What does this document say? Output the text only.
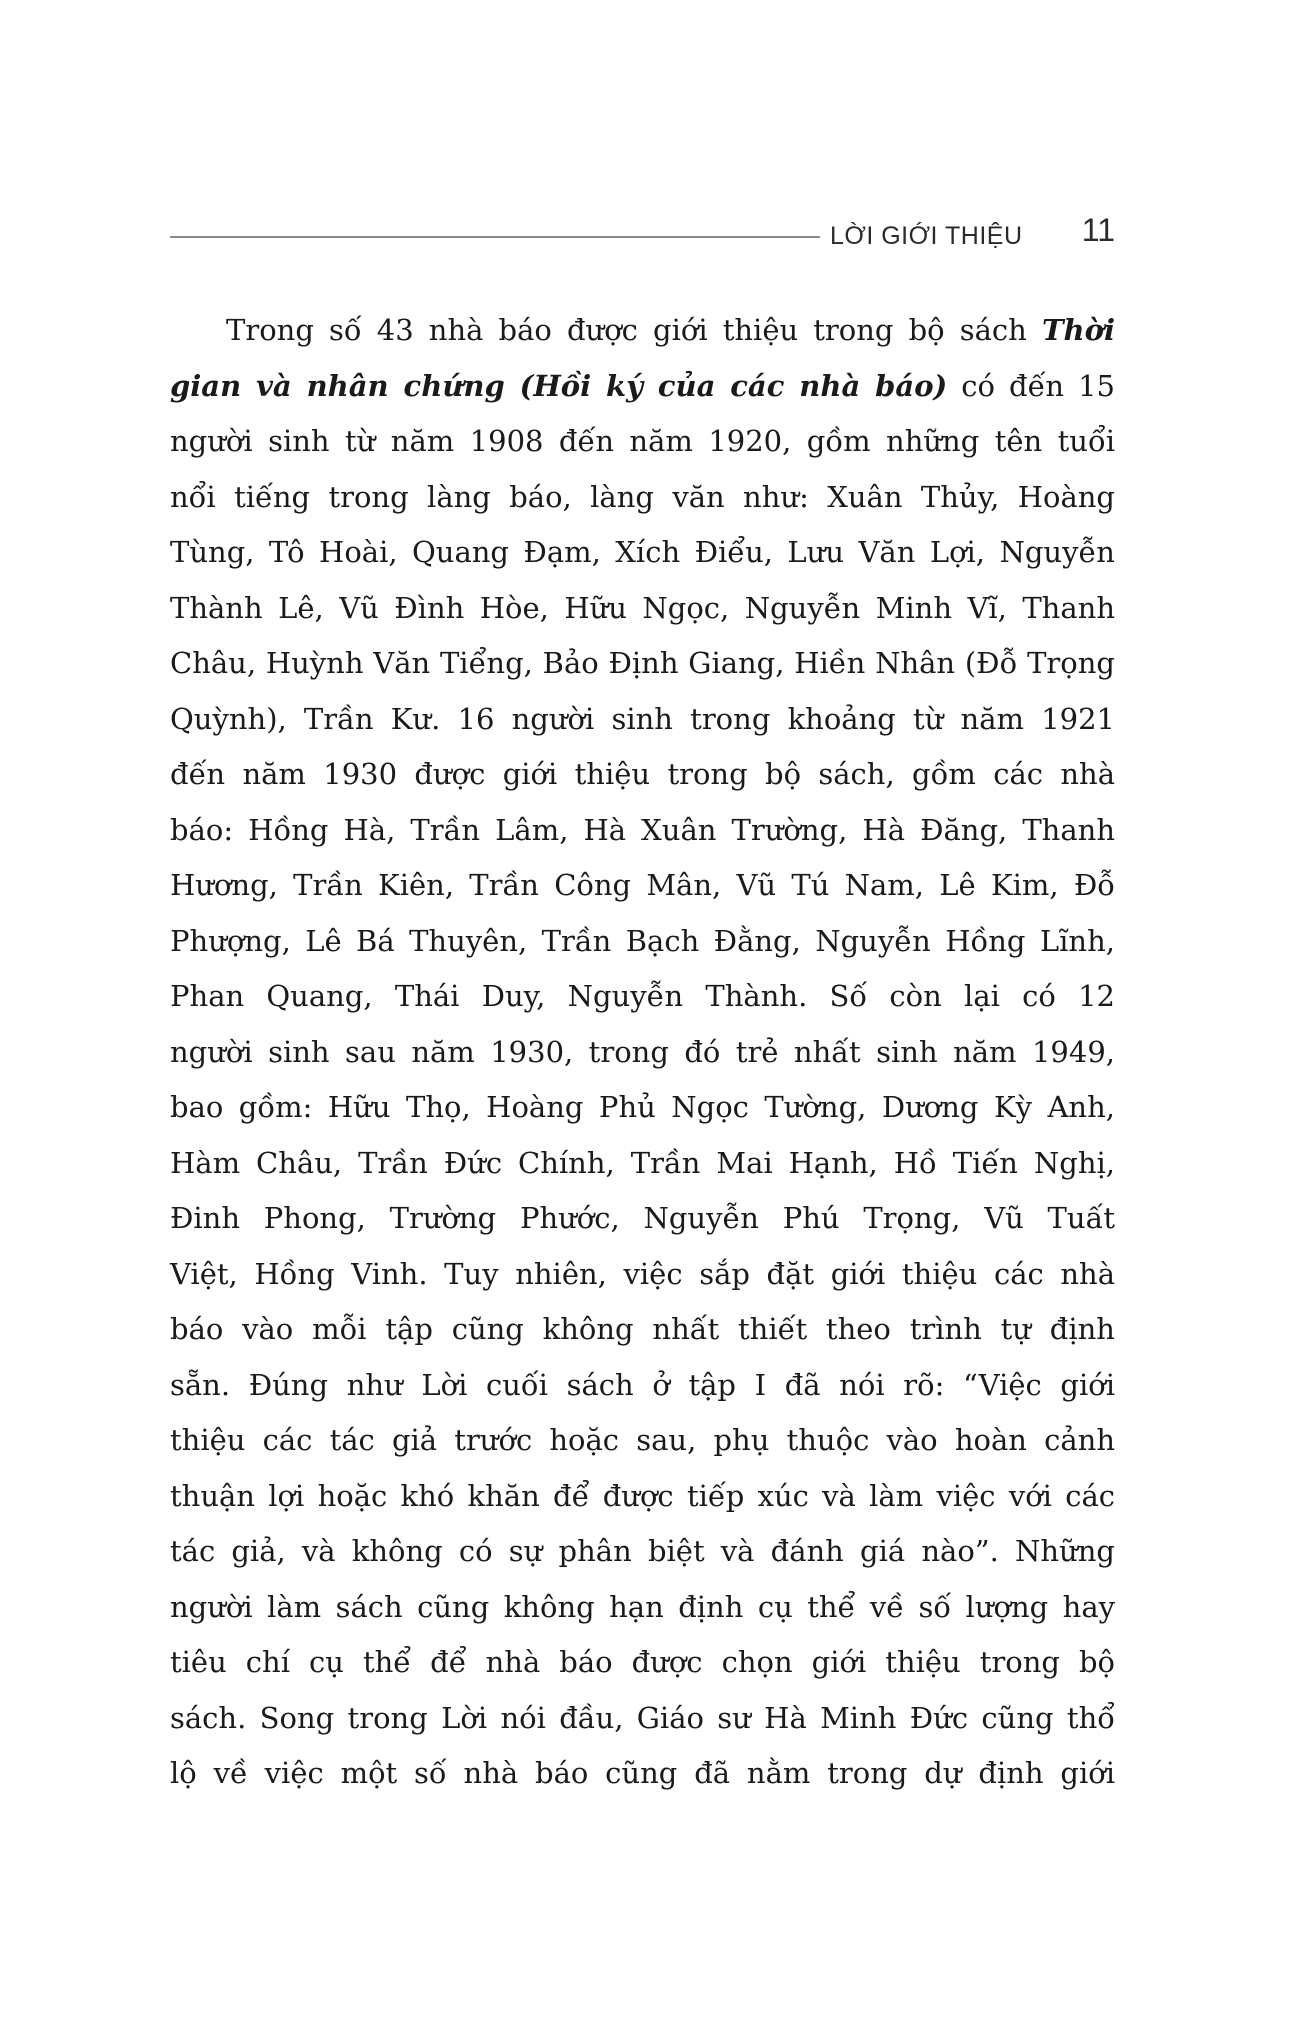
LỜI GIỚI THIỆU	11
Trong số 43 nhà báo được giới thiệu trong bộ sách Thời
gian và nhân chứng (Hồi ký của các nhà báo) có đến 15
người sinh từ năm 1908 đến năm 1920, gồm những tên tuổi
nổi tiếng trong làng báo, làng văn như: Xuân Thủy, Hoàng
Tùng, Tô Hoài, Quang Đạm, Xích Điểu, Lưu Văn Lợi, Nguyễn
Thành Lê, Vũ Đình Hòe, Hữu Ngọc, Nguyễn Minh Vĩ, Thanh
Châu, Huỳnh Văn Tiểng, Bảo Định Giang, Hiền Nhân (Đỗ Trọng
Quỳnh), Trần Kư. 16 người sinh trong khoảng từ năm 1921
đến năm 1930 được giới thiệu trong bộ sách, gồm các nhà
báo: Hồng Hà, Trần Lâm, Hà Xuân Trường, Hà Đăng, Thanh
Hương, Trần Kiên, Trần Công Mân, Vũ Tú Nam, Lê Kim, Đỗ
Phượng, Lê Bá Thuyên, Trần Bạch Đằng, Nguyễn Hồng Lĩnh,
Phan Quang, Thái Duy, Nguyễn Thành. Số còn lại có 12
người sinh sau năm 1930, trong đó trẻ nhất sinh năm 1949,
bao gồm: Hữu Thọ, Hoàng Phủ Ngọc Tường, Dương Kỳ Anh,
Hàm Châu, Trần Đức Chính, Trần Mai Hạnh, Hồ Tiến Nghị,
Đinh Phong, Trường Phước, Nguyễn Phú Trọng, Vũ Tuất
Việt, Hồng Vinh. Tuy nhiên, việc sắp đặt giới thiệu các nhà
báo vào mỗi tập cũng không nhất thiết theo trình tự định
sẵn. Đúng như Lời cuối sách ở tập I đã nói rõ: “Việc giới
thiệu các tác giả trước hoặc sau, phụ thuộc vào hoàn cảnh
thuận lợi hoặc khó khăn để được tiếp xúc và làm việc với các
tác giả, và không có sự phân biệt và đánh giá nào”. Những
người làm sách cũng không hạn định cụ thể về số lượng hay
tiêu chí cụ thể để nhà báo được chọn giới thiệu trong bộ
sách. Song trong Lời nói đầu, Giáo sư Hà Minh Đức cũng thổ
lộ về việc một số nhà báo cũng đã nằm trong dự định giới
